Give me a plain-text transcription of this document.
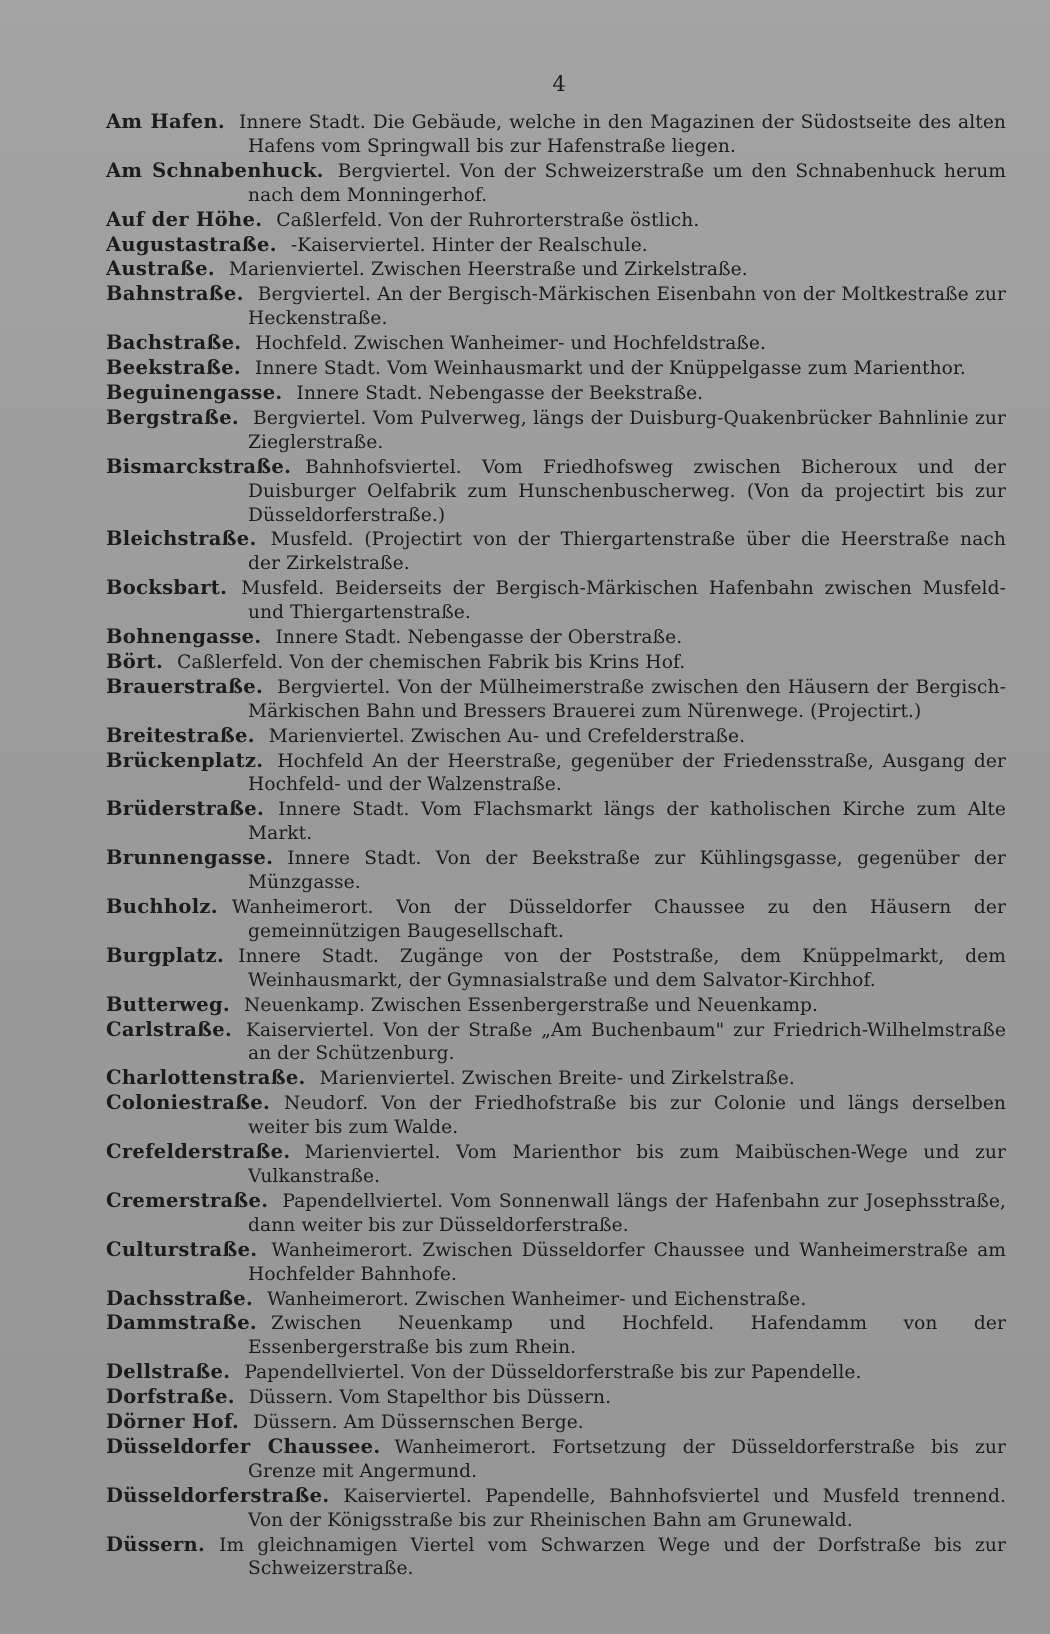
4
Am Hafen. Innere Stadt. Die Gebäude, welche in den Magazinen der Südostseite des alten Hafens vom Springwall bis zur Hafenstraße liegen.
Am Schnabenhuck. Bergviertel. Von der Schweizerstraße um den Schnabenhuck herum nach dem Monningerhof.
Auf der Höhe. Caßlerfeld. Von der Ruhrorterstraße östlich.
Augustastraße. -Kaiserviertel. Hinter der Realschule.
Austraße. Marienviertel. Zwischen Heerstraße und Zirkelstraße.
Bahnstraße. Bergviertel. An der Bergisch-Märkischen Eisenbahn von der Moltkestraße zur Heckenstraße.
Bachstraße. Hochfeld. Zwischen Wanheimer- und Hochfeldstraße.
Beekstraße. Innere Stadt. Vom Weinhausmarkt und der Knüppelgasse zum Marienthor.
Beguinengasse. Innere Stadt. Nebengasse der Beekstraße.
Bergstraße. Bergviertel. Vom Pulverweg, längs der Duisburg-Quakenbrücker Bahnlinie zur Zieglerstraße.
Bismarckstraße. Bahnhofsviertel. Vom Friedhofsweg zwischen Bicheroux und der Duisburger Oelfabrik zum Hunschenbuscherweg. (Von da projectirt bis zur Düsseldorferstraße.)
Bleichstraße. Musfeld. (Projectirt von der Thiergartenstraße über die Heerstraße nach der Zirkelstraße.
Bocksbart. Musfeld. Beiderseits der Bergisch-Märkischen Hafenbahn zwischen Musfeld- und Thiergartenstraße.
Bohnengasse. Innere Stadt. Nebengasse der Oberstraße.
Bört. Caßlerfeld. Von der chemischen Fabrik bis Krins Hof.
Brauerstraße. Bergviertel. Von der Mülheimerstraße zwischen den Häusern der Bergisch-Märkischen Bahn und Bressers Brauerei zum Nürenwege. (Projectirt.)
Breitestraße. Marienviertel. Zwischen Au- und Crefelderstraße.
Brückenplatz. Hochfeld An der Heerstraße, gegenüber der Friedensstraße, Ausgang der Hochfeld- und der Walzenstraße.
Brüderstraße. Innere Stadt. Vom Flachsmarkt längs der katholischen Kirche zum Alte Markt.
Brunnengasse. Innere Stadt. Von der Beekstraße zur Kühlingsgasse, gegenüber der Münzgasse.
Buchholz. Wanheimerort. Von der Düsseldorfer Chaussee zu den Häusern der gemeinnützigen Baugesellschaft.
Burgplatz. Innere Stadt. Zugänge von der Poststraße, dem Knüppelmarkt, dem Weinhausmarkt, der Gymnasialstraße und dem Salvator-Kirchhof.
Butterweg. Neuenkamp. Zwischen Essenbergerstraße und Neuenkamp.
Carlstraße. Kaiserviertel. Von der Straße „Am Buchenbaum" zur Friedrich-Wilhelmstraße an der Schützenburg.
Charlottenstraße. Marienviertel. Zwischen Breite- und Zirkelstraße.
Coloniestraße. Neudorf. Von der Friedhofstraße bis zur Colonie und längs derselben weiter bis zum Walde.
Crefelderstraße. Marienviertel. Vom Marienthor bis zum Maibüschen-Wege und zur Vulkanstraße.
Cremerstraße. Papendellviertel. Vom Sonnenwall längs der Hafenbahn zur Josephsstraße, dann weiter bis zur Düsseldorferstraße.
Culturstraße. Wanheimerort. Zwischen Düsseldorfer Chaussee und Wanheimerstraße am Hochfelder Bahnhofe.
Dachsstraße. Wanheimerort. Zwischen Wanheimer- und Eichenstraße.
Dammstraße. Zwischen Neuenkamp und Hochfeld. Hafendamm von der Essenbergerstraße bis zum Rhein.
Dellstraße. Papendellviertel. Von der Düsseldorferstraße bis zur Papendelle.
Dorfstraße. Düssern. Vom Stapelthor bis Düssern.
Dörner Hof. Düssern. Am Düssernschen Berge.
Düsseldorfer Chaussee. Wanheimerort. Fortsetzung der Düsseldorferstraße bis zur Grenze mit Angermund.
Düsseldorferstraße. Kaiserviertel. Papendelle, Bahnhofsviertel und Musfeld trennend. Von der Königsstraße bis zur Rheinischen Bahn am Grunewald.
Düssern. Im gleichnamigen Viertel vom Schwarzen Wege und der Dorfstraße bis zur Schweizerstraße.
